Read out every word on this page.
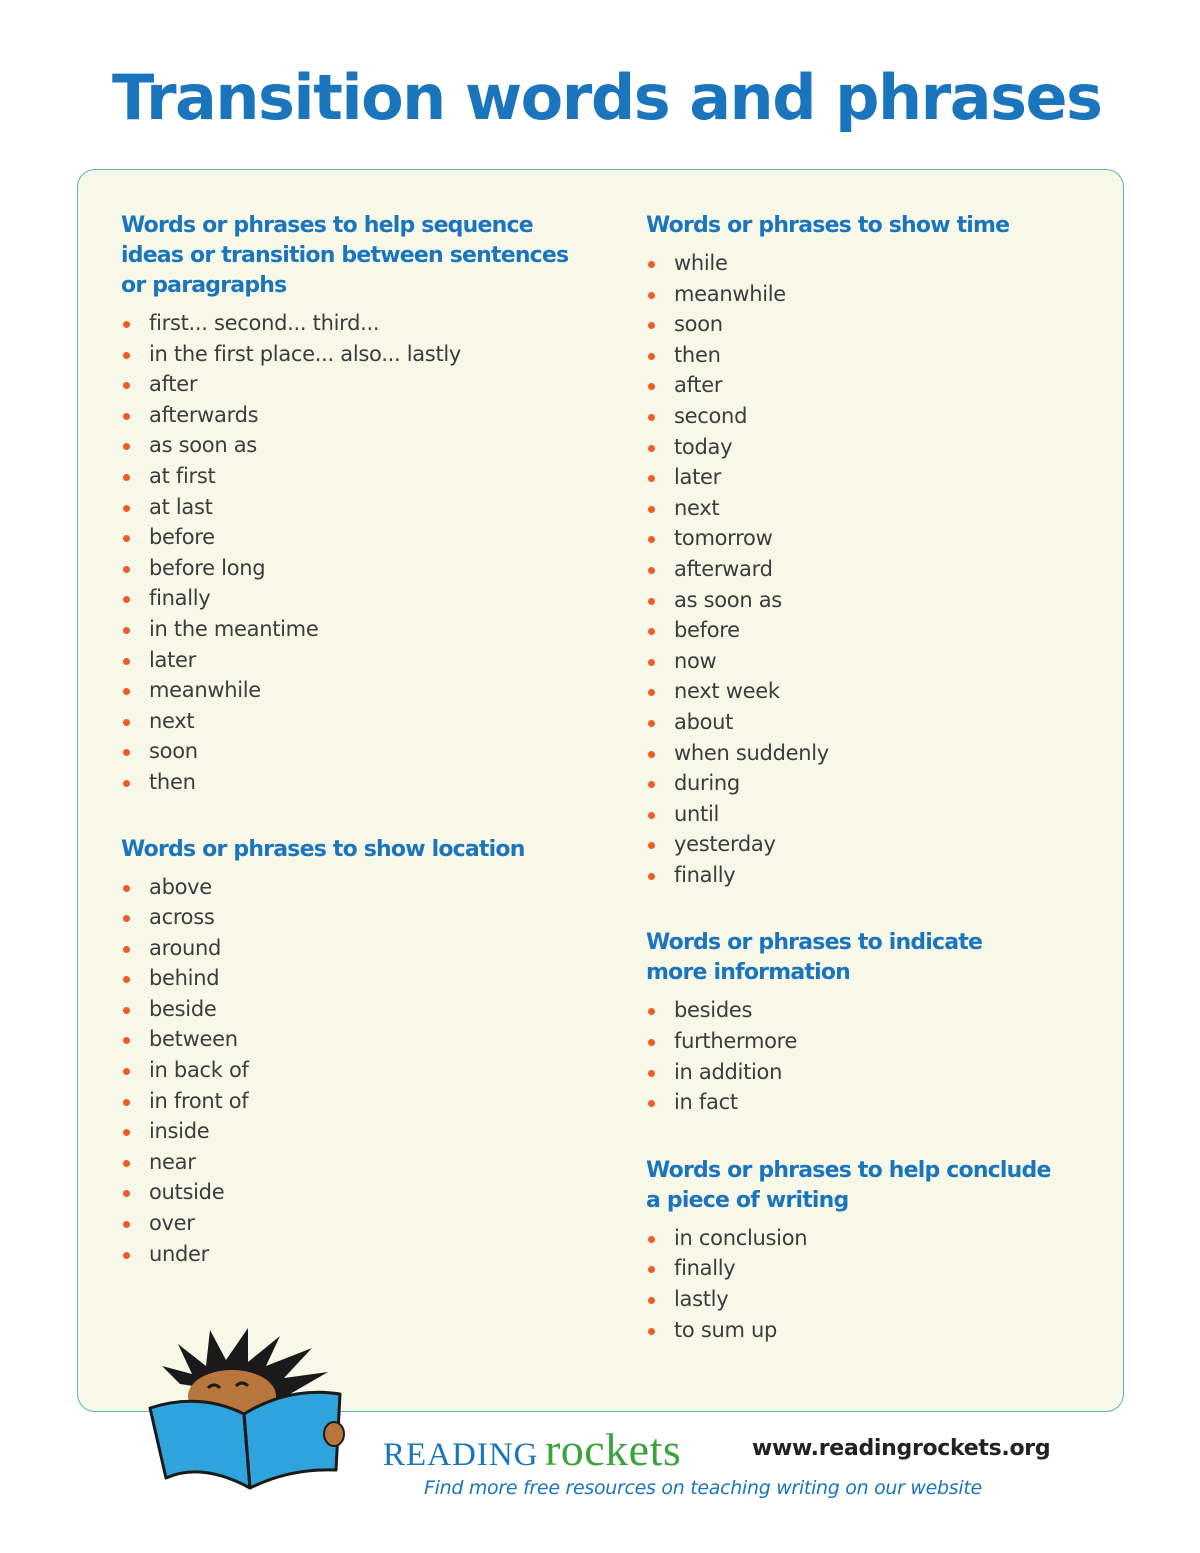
Transition words and phrases
Words or phrases to help sequence
ideas or transition between sentences
or paragraphs
first... second... third...
in the first place... also... lastly
after
afterwards
as soon as
at first
at last
before
before long
finally
in the meantime
later
meanwhile
next
soon
then
Words or phrases to show location
above
across
around
behind
beside
between
in back of
in front of
inside
near
outside
over
under
Words or phrases to show time
while
meanwhile
soon
then
after
second
today
later
next
tomorrow
afterward
as soon as
before
now
next week
about
when suddenly
during
until
yesterday
finally
Words or phrases to indicate
more information
besides
furthermore
in addition
in fact
Words or phrases to help conclude
a piece of writing
in conclusion
finally
lastly
to sum up
READING rockets	www.readingrockets.org
Find more free resources on teaching writing on our website
